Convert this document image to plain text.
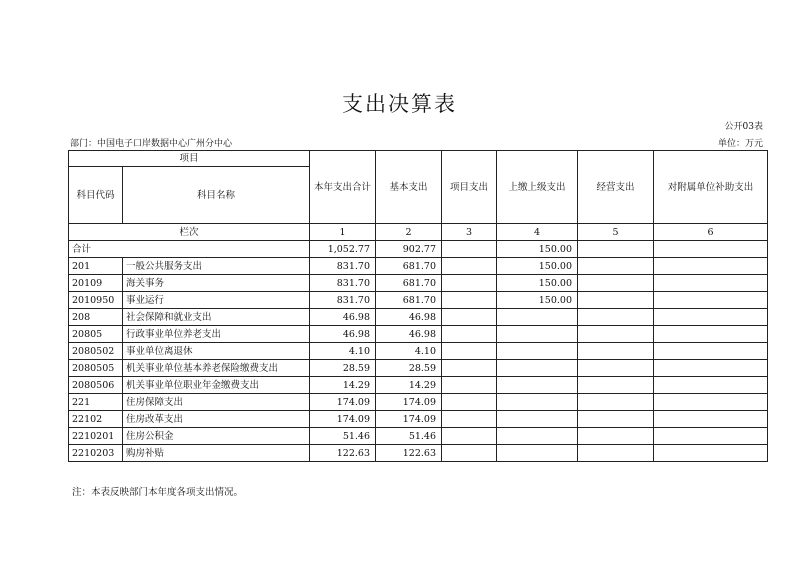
支出决算表
公开03表
部门：中国电子口岸数据中心广州分中心	单位：万元
项目		本年支出合计	基本支出	项目支出	上缴上级支出	经营支出	对附属单位补助支出
科目代码	科目名称						
栏次		1	2	3	4	5	6
合计		1,052.77	902.77		150.00		
201	一般公共服务支出	831.70	681.70		150.00		
20109	海关事务	831.70	681.70		150.00		
2010950	事业运行	831.70	681.70		150.00		
208	社会保障和就业支出	46.98	46.98				
20805	行政事业单位养老支出	46.98	46.98				
2080502	事业单位离退休	4.10	4.10				
2080505	机关事业单位基本养老保险缴费支出	28.59	28.59				
2080506	机关事业单位职业年金缴费支出	14.29	14.29				
221	住房保障支出	174.09	174.09				
22102	住房改革支出	174.09	174.09				
2210201	住房公积金	51.46	51.46				
2210203	购房补贴	122.63	122.63				
注：本表反映部门本年度各项支出情况。
